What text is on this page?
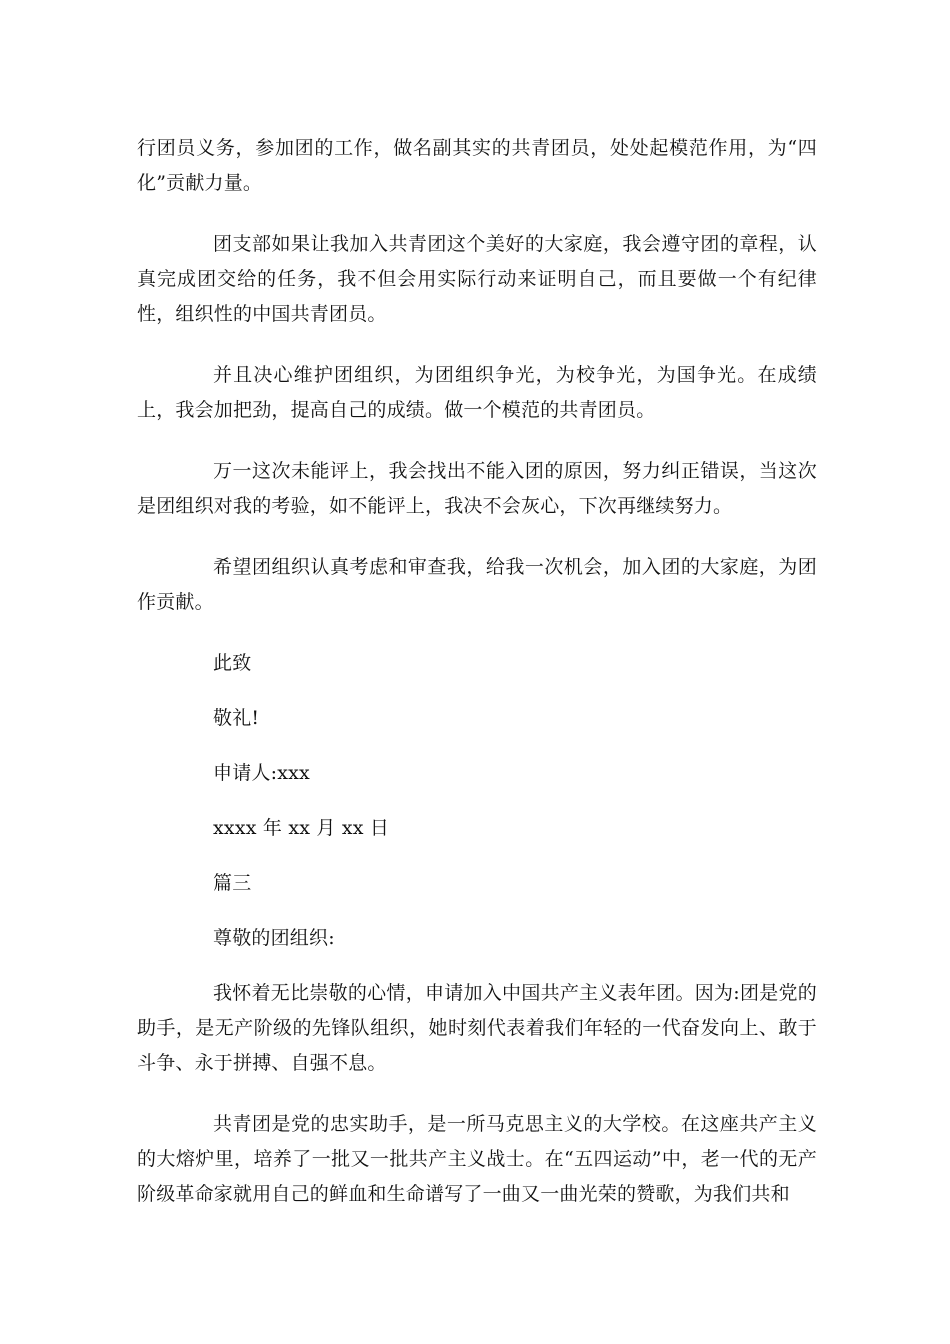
行团员义务，参加团的工作，做名副其实的共青团员，处处起模范作用，为“四化”贡献力量。

团支部如果让我加入共青团这个美好的大家庭，我会遵守团的章程，认真完成团交给的任务，我不但会用实际行动来证明自己，而且要做一个有纪律性，组织性的中国共青团员。

并且决心维护团组织，为团组织争光，为校争光，为国争光。在成绩上，我会加把劲，提高自己的成绩。做一个模范的共青团员。

万一这次未能评上，我会找出不能入团的原因，努力纠正错误，当这次是团组织对我的考验，如不能评上，我决不会灰心，下次再继续努力。

希望团组织认真考虑和审查我，给我一次机会，加入团的大家庭，为团作贡献。

此致

敬礼!

申请人:xxx

xxxx 年 xx 月 xx 日

篇三

尊敬的团组织:

我怀着无比崇敬的心情，申请加入中国共产主义表年团。因为:团是党的助手，是无产阶级的先锋队组织，她时刻代表着我们年轻的一代奋发向上、敢于斗争、永于拼搏、自强不息。

共青团是党的忠实助手，是一所马克思主义的大学校。在这座共产主义的大熔炉里，培养了一批又一批共产主义战士。在“五四运动”中，老一代的无产阶级革命家就用自己的鲜血和生命谱写了一曲又一曲光荣的赞歌，为我们共和
